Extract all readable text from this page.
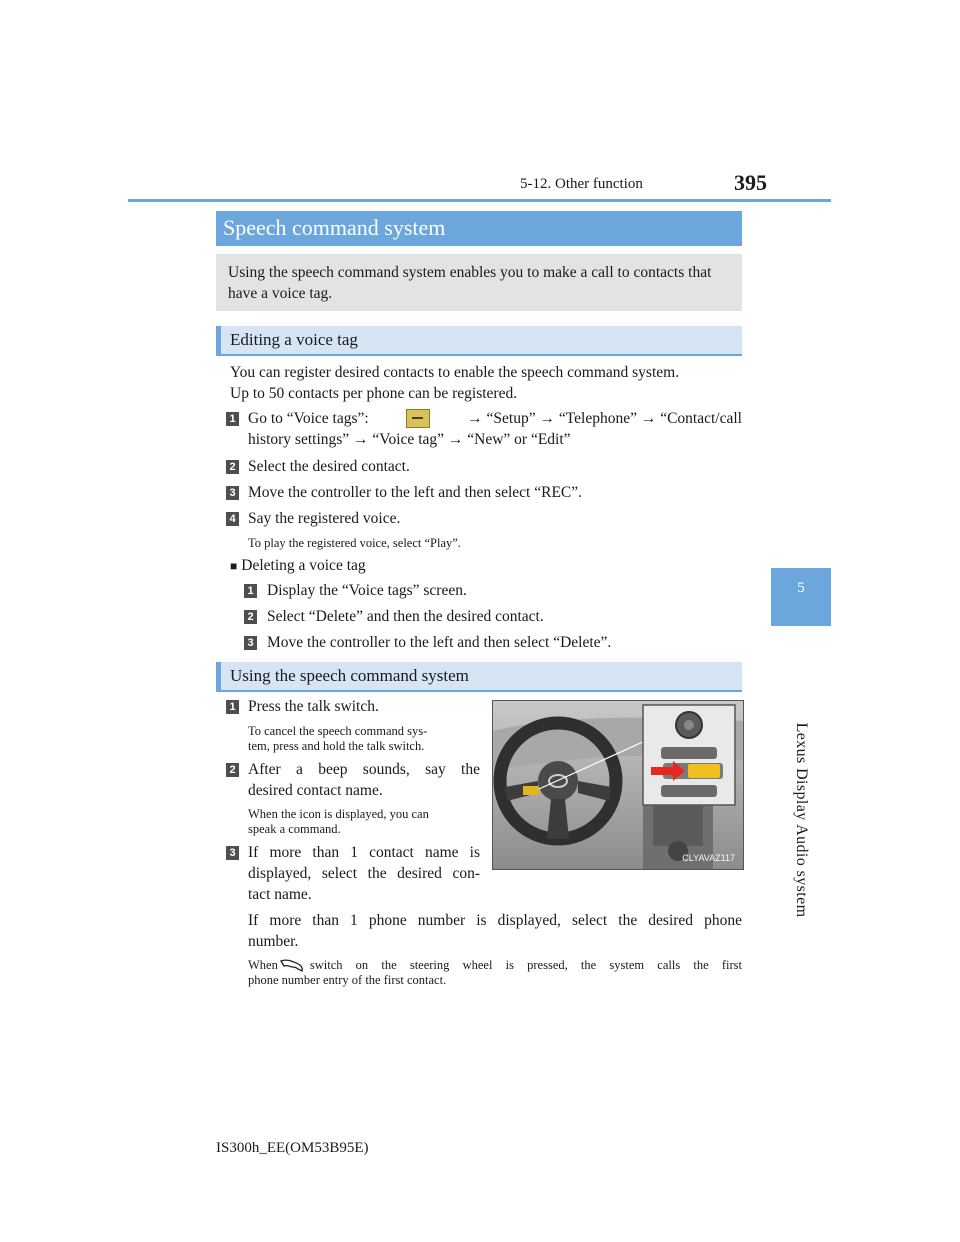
395
5-12. Other function
5
Lexus Display Audio system
Speech command system
Using the speech command system enables you to make a call to contacts that have a voice tag.
Editing a voice tag
You can register desired contacts to enable the speech command system.
Up to 50 contacts per phone can be registered.
1 Go to “Voice tags”:	→ “Setup” → “Telephone” → “Contact/call
history settings” → “Voice tag” → “New” or “Edit”
2 Select the desired contact.
3 Move the controller to the left and then select “REC”.
4 Say the registered voice.
To play the registered voice, select “Play”.
■ Deleting a voice tag
1 Display the “Voice tags” screen.
2 Select “Delete” and then the desired contact.
3 Move the controller to the left and then select “Delete”.
Using the speech command system
1 Press the talk switch.
To cancel the speech command sys-
tem, press and hold the talk switch.
2 After a beep sounds, say the
desired contact name.
When the icon is displayed, you can
speak a command.
3 If more than 1 contact name is
displayed, select the desired con-
tact name.
If more than 1 phone number is displayed, select the desired phone
number.
When	switch on the steering wheel is pressed, the system calls the first
phone number entry of the first contact.
CLYAVAZ117
IS300h_EE(OM53B95E)
